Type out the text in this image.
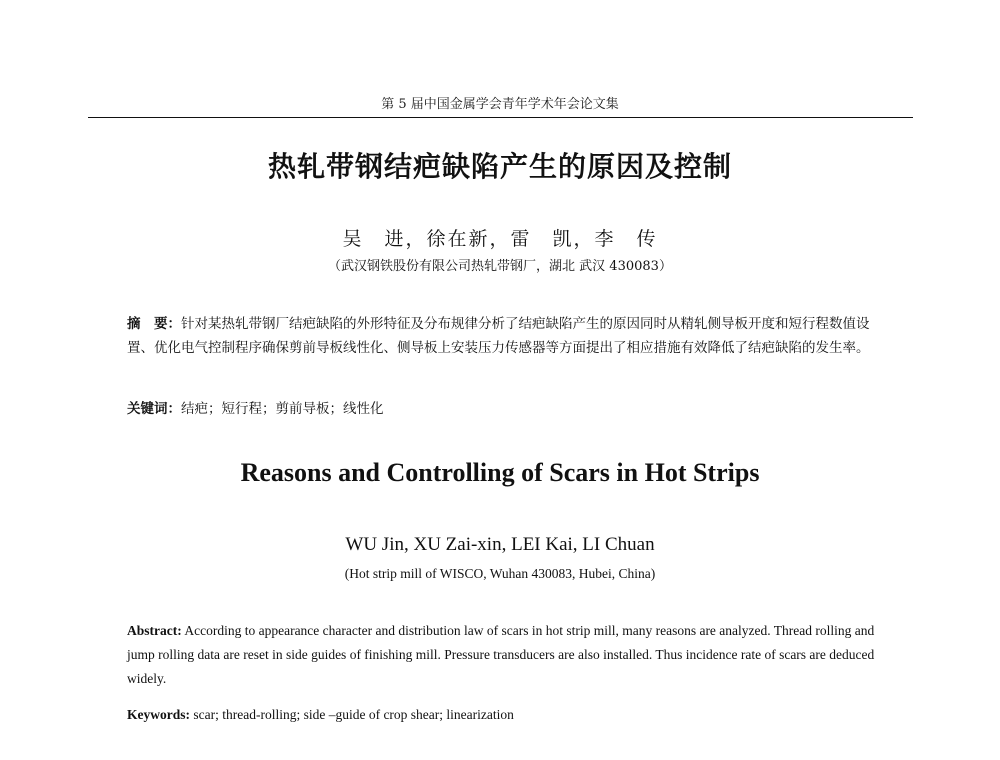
第 5 届中国金属学会青年学术年会论文集
热轧带钢结疤缺陷产生的原因及控制
吴　进，徐在新，雷　凯，李　传
（武汉钢铁股份有限公司热轧带钢厂，湖北 武汉 430083）
摘　要：针对某热轧带钢厂结疤缺陷的外形特征及分布规律分析了结疤缺陷产生的原因同时从精轧侧导板开度和短行程数值设置、优化电气控制程序确保剪前导板线性化、侧导板上安装压力传感器等方面提出了相应措施有效降低了结疤缺陷的发生率。
关键词：结疤；短行程；剪前导板；线性化
Reasons and Controlling of Scars in Hot Strips
WU Jin, XU Zai-xin, LEI Kai, LI Chuan
(Hot strip mill of WISCO, Wuhan 430083, Hubei, China)
Abstract: According to appearance character and distribution law of scars in hot strip mill, many reasons are analyzed. Thread rolling and jump rolling data are reset in side guides of finishing mill. Pressure transducers are also installed. Thus incidence rate of scars are deduced widely.
Keywords: scar; thread-rolling; side –guide of crop shear; linearization
